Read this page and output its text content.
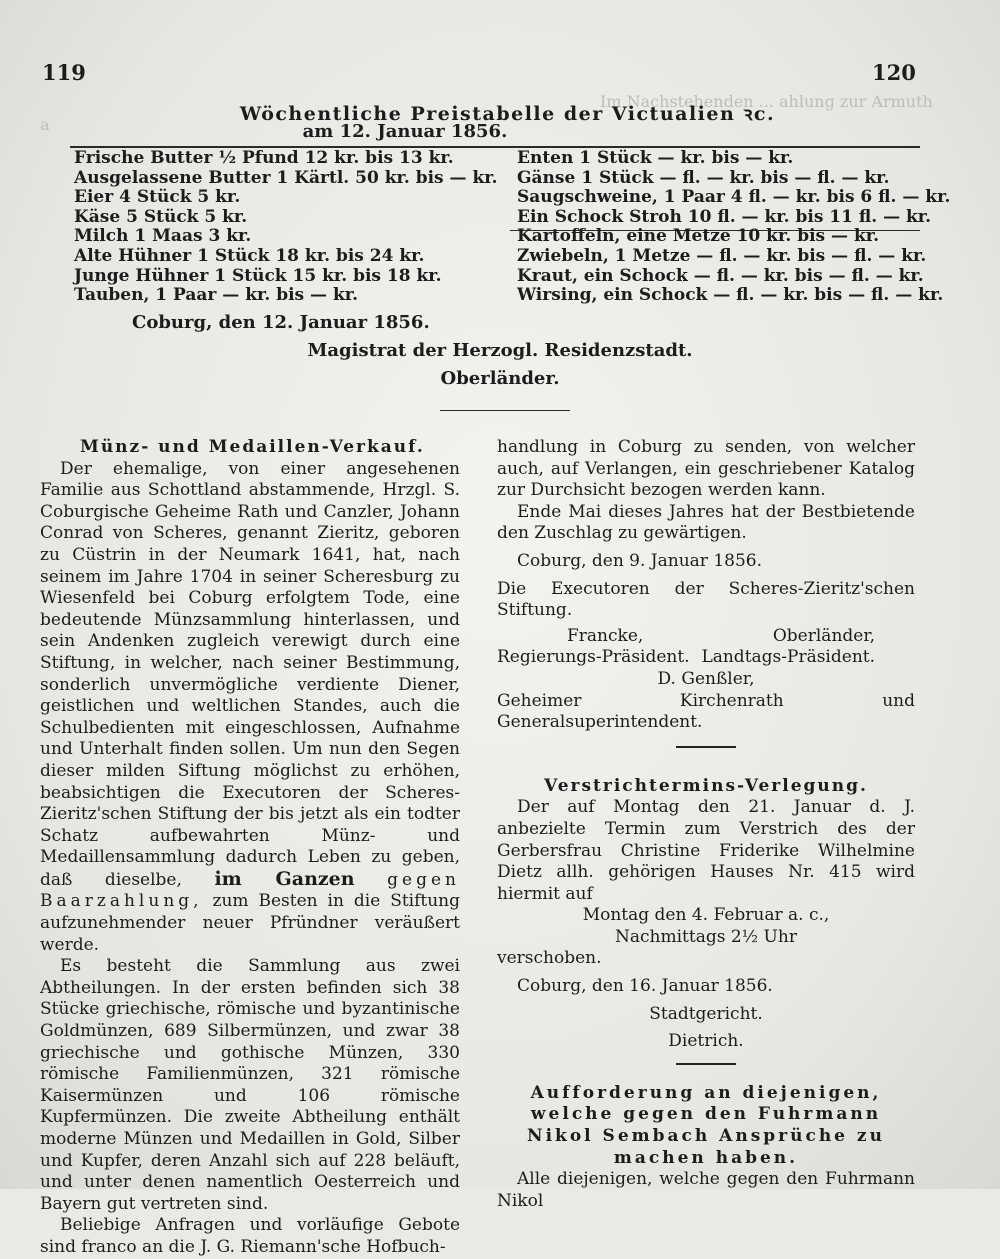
Im Nachstehenden ... ahlung zur Armuth
a
119	120
Wöchentliche Preistabelle der Victualien ꝛc.
am 12. Januar 1856.
Frische Butter ½ Pfund 12 kr. bis 13 kr.
Ausgelassene Butter 1 Kärtl. 50 kr. bis — kr.
Eier 4 Stück 5 kr.
Käse 5 Stück 5 kr.
Milch 1 Maas 3 kr.
Alte Hühner 1 Stück 18 kr. bis 24 kr.
Junge Hühner 1 Stück 15 kr. bis 18 kr.
Tauben, 1 Paar — kr. bis — kr.
Enten 1 Stück — kr. bis — kr.
Gänse 1 Stück — fl. — kr. bis — fl. — kr.
Saugschweine, 1 Paar 4 fl. — kr. bis 6 fl. — kr.
Ein Schock Stroh 10 fl. — kr. bis 11 fl. — kr.
Kartoffeln, eine Metze 10 kr. bis — kr.
Zwiebeln, 1 Metze — fl. — kr. bis — fl. — kr.
Kraut, ein Schock — fl. — kr. bis — fl. — kr.
Wirsing, ein Schock — fl. — kr. bis — fl. — kr.
Coburg, den 12. Januar 1856.
Magistrat der Herzogl. Residenzstadt.
Oberländer.

Münz- und Medaillen-Verkauf.

Der ehemalige, von einer angesehenen Familie aus Schottland abstammende, Hrzgl. S. Coburgische Geheime Rath und Canzler, Johann Conrad von Scheres, genannt Zieritz, geboren zu Cüstrin in der Neumark 1641, hat, nach seinem im Jahre 1704 in seiner Scheresburg zu Wiesenfeld bei Coburg erfolgtem Tode, eine bedeutende Münzsammlung hinterlassen, und sein Andenken zugleich verewigt durch eine Stiftung, in welcher, nach seiner Bestimmung, sonderlich unvermögliche verdiente Diener, geistlichen und weltlichen Standes, auch die Schulbedienten mit eingeschlossen, Aufnahme und Unterhalt finden sollen. Um nun den Segen dieser milden Siftung möglichst zu erhöhen, beabsichtigen die Executoren der Scheres-Zieritz'schen Stiftung der bis jetzt als ein todter Schatz aufbewahrten Münz- und Medaillensammlung dadurch Leben zu geben, daß dieselbe, im Ganzen gegen Baarzahlung, zum Besten in die Stiftung aufzunehmender neuer Pfründner veräußert werde.

Es besteht die Sammlung aus zwei Abtheilungen. In der ersten befinden sich 38 Stücke griechische, römische und byzantinische Goldmünzen, 689 Silbermünzen, und zwar 38 griechische und gothische Münzen, 330 römische Familienmünzen, 321 römische Kaisermünzen und 106 römische Kupfermünzen. Die zweite Abtheilung enthält moderne Münzen und Medaillen in Gold, Silber und Kupfer, deren Anzahl sich auf 228 beläuft, und unter denen namentlich Oesterreich und Bayern gut vertreten sind.

Beliebige Anfragen und vorläufige Gebote sind franco an die J. G. Riemann'sche Hofbuch-

handlung in Coburg zu senden, von welcher auch, auf Verlangen, ein geschriebener Katalog zur Durchsicht bezogen werden kann.

Ende Mai dieses Jahres hat der Bestbietende den Zuschlag zu gewärtigen.

Coburg, den 9. Januar 1856.

Die Executoren der Scheres-Zieritz'schen Stiftung.

Francke,	Oberländer,
Regierungs-Präsident. Landtags-Präsident.

D. Genßler,

Geheimer Kirchenrath und Generalsuperintendent.

Verstrichtermins-Verlegung.

Der auf Montag den 21. Januar d. J. anbezielte Termin zum Verstrich des der Gerbersfrau Christine Friderike Wilhelmine Dietz allh. gehörigen Hauses Nr. 415 wird hiermit auf

Montag den 4. Februar a. c.,

Nachmittags 2½ Uhr

verschoben.

Coburg, den 16. Januar 1856.

Stadtgericht.

Dietrich.

Aufforderung an diejenigen, welche gegen den Fuhrmann Nikol Sembach Ansprüche zu machen haben.

Alle diejenigen, welche gegen den Fuhrmann Nikol
